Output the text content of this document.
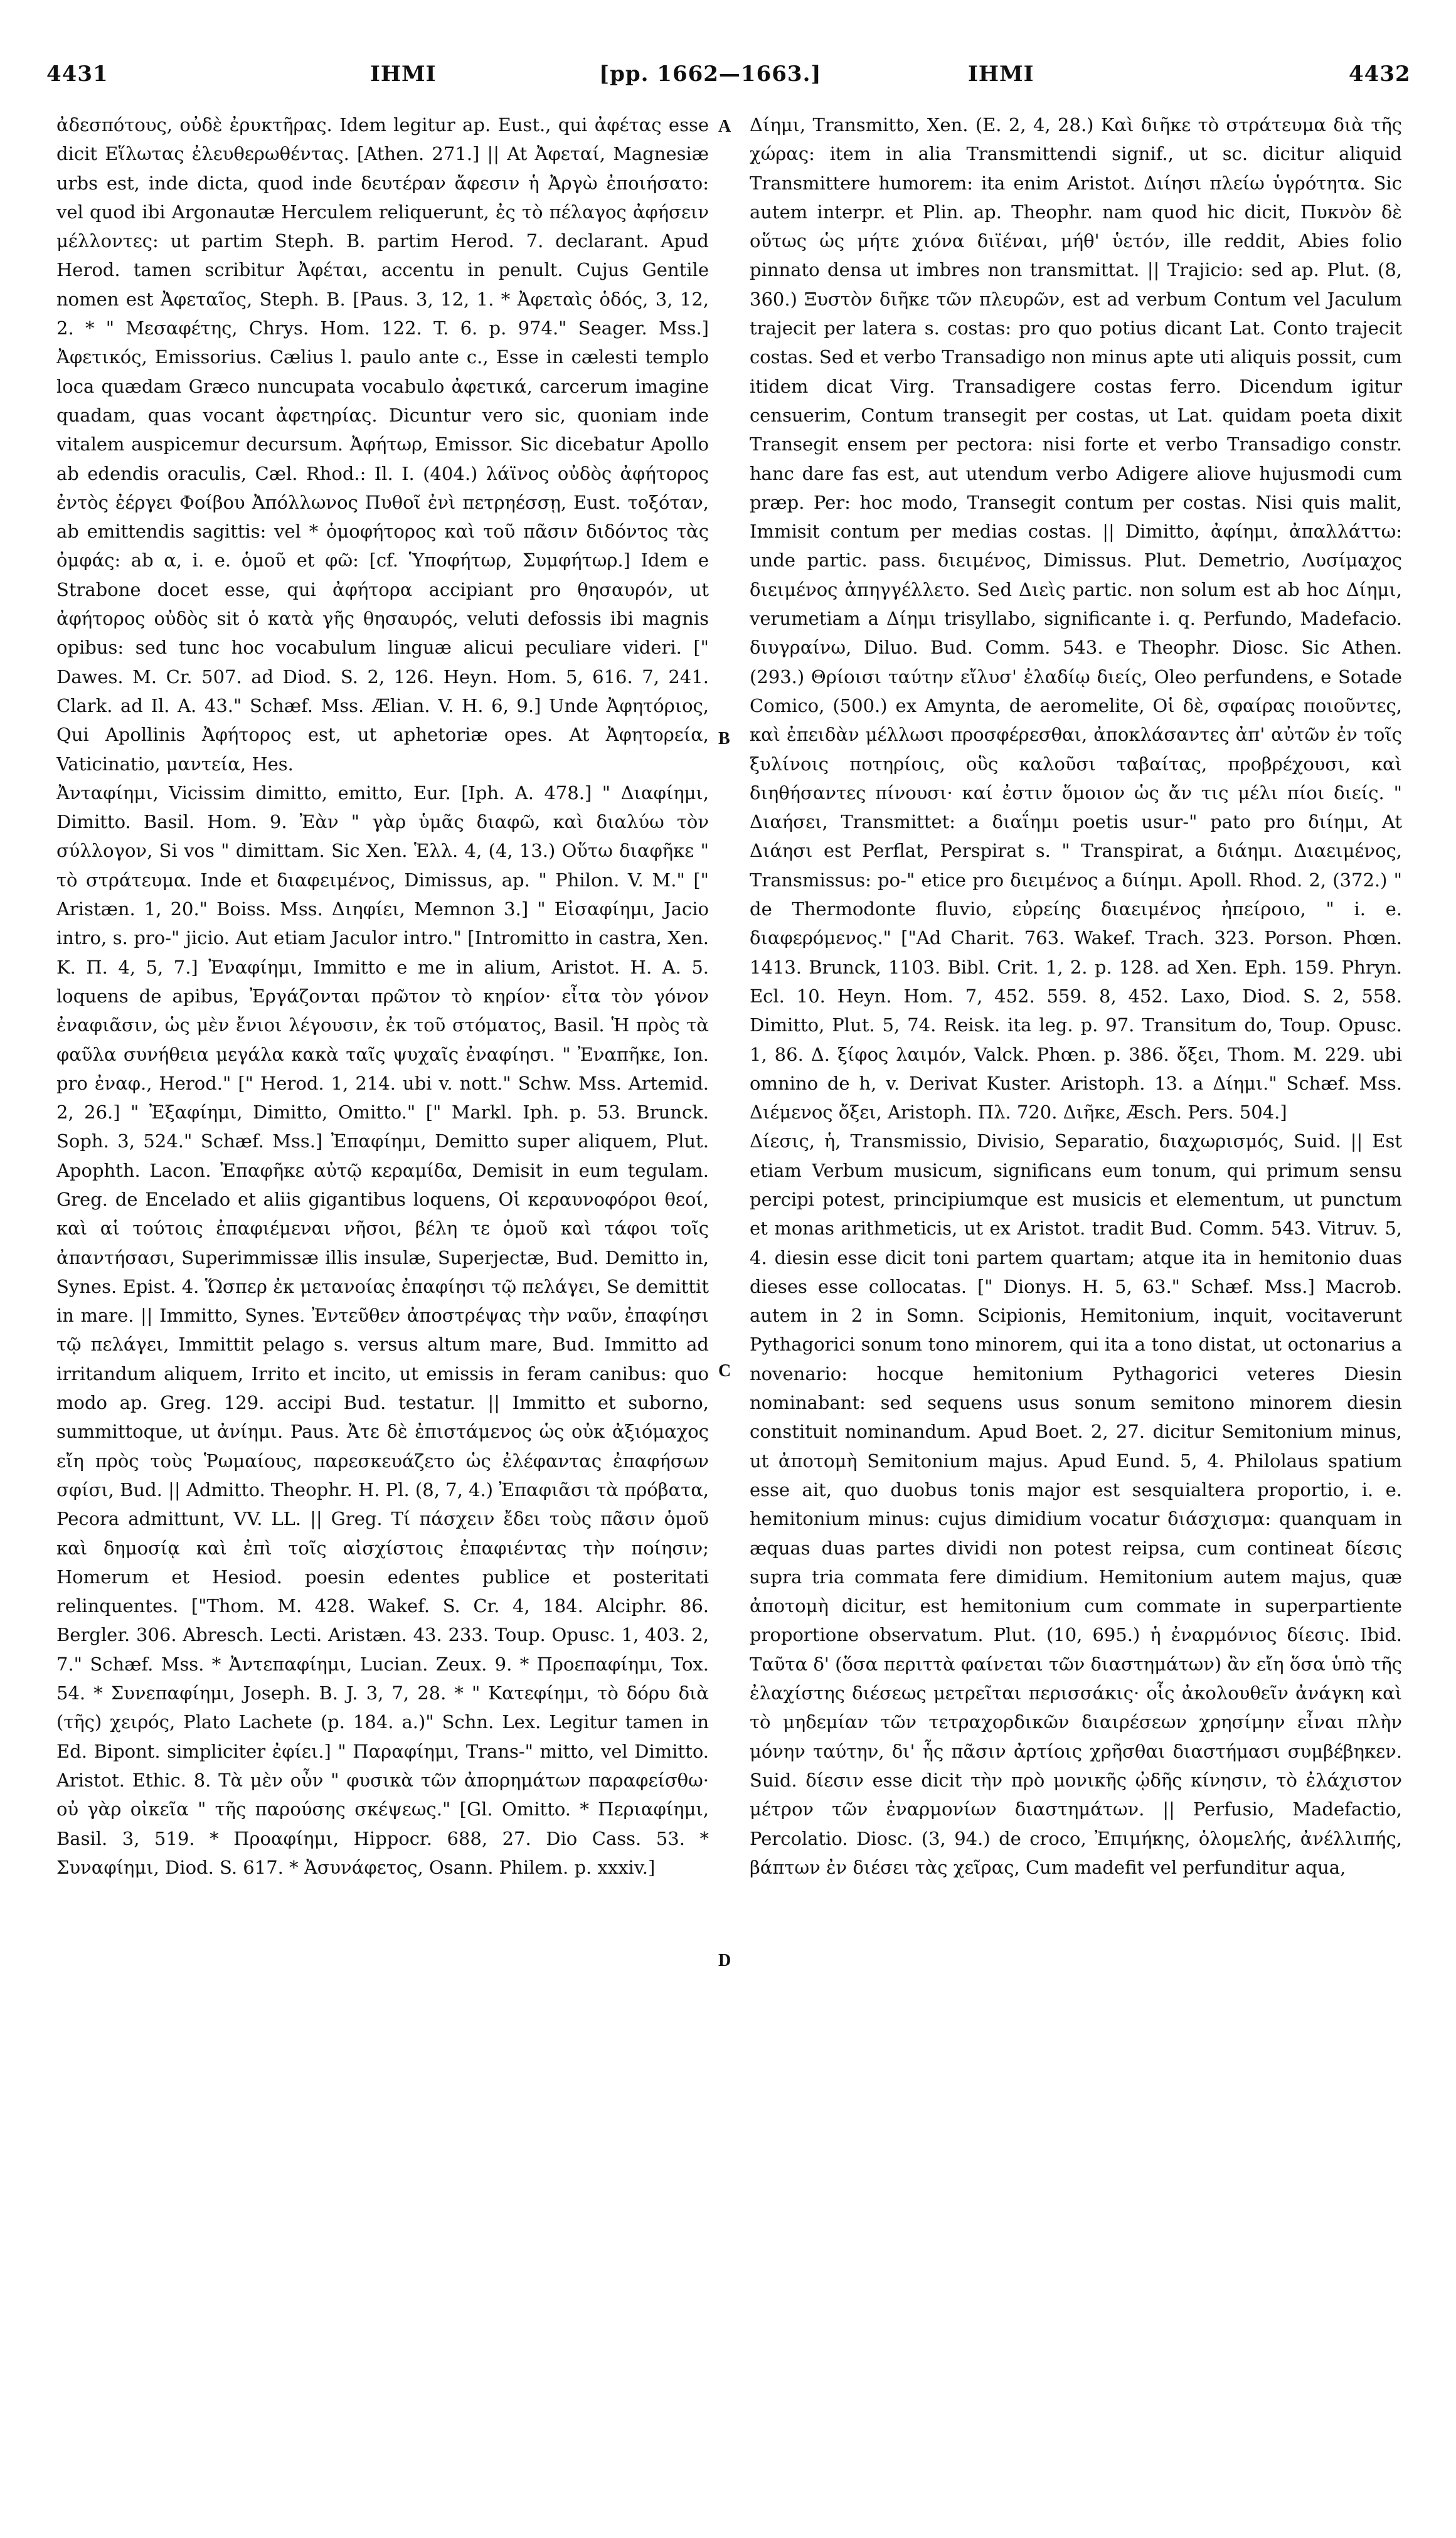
4431	ΙΗΜΙ	[pp. 1662—1663.]	ΙΗΜΙ	4432

ἀδεσπότους, οὐδὲ ἐρυκτῆρας. Idem legitur ap. Eust., qui ἀφέτας esse dicit Εἵλωτας ἐλευθερωθέντας. [Athen. 271.] || At Ἀφεταί, Magnesiæ urbs est, inde dicta, quod inde δευτέραν ἄφεσιν ἡ Ἀργὼ ἐποιήσατο: vel quod ibi Argonautæ Herculem reliquerunt, ἐς τὸ πέλαγος ἀφήσειν μέλλοντες: ut partim Steph. B. partim Herod. 7. declarant. Apud Herod. tamen scribitur Ἀφέται, accentu in penult. Cujus Gentile nomen est Ἀφεταῖος, Steph. B. [Paus. 3, 12, 1. * Ἀφεταὶς ὁδός, 3, 12, 2. * " Μεσαφέτης, Chrys. Hom. 122. T. 6. p. 974." Seager. Mss.] Ἀφετικός, Emissorius. Cælius l. paulo ante c., Esse in cælesti templo loca quædam Græco nuncupata vocabulo ἀφετικά, carcerum imagine quadam, quas vocant ἀφετηρίας. Dicuntur vero sic, quoniam inde vitalem auspicemur decursum. Ἀφήτωρ, Emissor. Sic dicebatur Apollo ab edendis oraculis, Cæl. Rhod.: Il. I. (404.) λάϊνος οὐδὸς ἀφήτορος ἐντὸς ἐέργει Φοίβου Ἀπόλλωνος Πυθοῖ ἐνὶ πετρηέσσῃ, Eust. τοξόταν, ab emittendis sagittis: vel * ὁμοφήτορος καὶ τοῦ πᾶσιν διδόντος τὰς ὀμφάς: ab α, i. e. ὁμοῦ et φῶ: [cf. Ὑποφήτωρ, Συμφήτωρ.] Idem e Strabone docet esse, qui ἀφήτορα accipiant pro θησαυρόν, ut ἀφήτορος οὐδὸς sit ὁ κατὰ γῆς θησαυρός, veluti defossis ibi magnis opibus: sed tunc hoc vocabulum linguæ alicui peculiare videri. [" Dawes. M. Cr. 507. ad Diod. S. 2, 126. Heyn. Hom. 5, 616. 7, 241. Clark. ad Il. A. 43." Schæf. Mss. Ælian. V. H. 6, 9.] Unde Ἀφητόριος, Qui Apollinis Ἀφήτορος est, ut aphetoriæ opes. At Ἀφητορεία, Vaticinatio, μαντεία, Hes.

Ἀνταφίημι, Vicissim dimitto, emitto, Eur. [Iph. A. 478.] " Διαφίημι, Dimitto. Basil. Hom. 9. Ἐὰν " γὰρ ὑμᾶς διαφῶ, καὶ διαλύω τὸν σύλλογον, Si vos " dimittam. Sic Xen. Ἑλλ. 4, (4, 13.) Οὕτω διαφῆκε " τὸ στράτευμα. Inde et διαφειμένος, Dimissus, ap. " Philon. V. M." [" Aristæn. 1, 20." Boiss. Mss. Διηφίει, Memnon 3.] " Εἰσαφίημι, Jacio intro, s. pro-" jicio. Aut etiam Jaculor intro." [Intromitto in castra, Xen. K. Π. 4, 5, 7.] Ἐναφίημι, Immitto e me in alium, Aristot. H. A. 5. loquens de apibus, Ἐργάζονται πρῶτον τὸ κηρίον· εἶτα τὸν γόνον ἐναφιᾶσιν, ὡς μὲν ἔνιοι λέγουσιν, ἐκ τοῦ στόματος, Basil. Ἡ πρὸς τὰ φαῦλα συνήθεια μεγάλα κακὰ ταῖς ψυχαῖς ἐναφίησι. " Ἐναπῆκε, Ion. pro ἐναφ., Herod." [" Herod. 1, 214. ubi v. nott." Schw. Mss. Artemid. 2, 26.] " Ἐξαφίημι, Dimitto, Omitto." [" Markl. Iph. p. 53. Brunck. Soph. 3, 524." Schæf. Mss.] Ἐπαφίημι, Demitto super aliquem, Plut. Apophth. Lacon. Ἐπαφῆκε αὐτῷ κεραμίδα, Demisit in eum tegulam. Greg. de Encelado et aliis gigantibus loquens, Οἱ κεραυνοφόροι θεοί, καὶ αἱ τούτοις ἐπαφιέμεναι νῆσοι, βέλη τε ὁμοῦ καὶ τάφοι τοῖς ἀπαντήσασι, Superimmissæ illis insulæ, Superjectæ, Bud. Demitto in, Synes. Epist. 4. Ὥσπερ ἐκ μετανοίας ἐπαφίησι τῷ πελάγει, Se demittit in mare. || Immitto, Synes. Ἐντεῦθεν ἀποστρέψας τὴν ναῦν, ἐπαφίησι τῷ πελάγει, Immittit pelago s. versus altum mare, Bud. Immitto ad irritandum aliquem, Irrito et incito, ut emissis in feram canibus: quo modo ap. Greg. 129. accipi Bud. testatur. || Immitto et suborno, summittoque, ut ἀνίημι. Paus. Ἀτε δὲ ἐπιστάμενος ὡς οὐκ ἀξιόμαχος εἴη πρὸς τοὺς Ῥωμαίους, παρεσκευάζετο ὡς ἐλέφαντας ἐπαφήσων σφίσι, Bud. || Admitto. Theophr. H. Pl. (8, 7, 4.) Ἐπαφιᾶσι τὰ πρόβατα, Pecora admittunt, VV. LL. || Greg. Τί πάσχειν ἔδει τοὺς πᾶσιν ὁμοῦ καὶ δημοσίᾳ καὶ ἐπὶ τοῖς αἰσχίστοις ἐπαφιέντας τὴν ποίησιν; Homerum et Hesiod. poesin edentes publice et posteritati relinquentes. ["Thom. M. 428. Wakef. S. Cr. 4, 184. Alciphr. 86. Bergler. 306. Abresch. Lecti. Aristæn. 43. 233. Toup. Opusc. 1, 403. 2, 7." Schæf. Mss. * Ἀντεπαφίημι, Lucian. Zeux. 9. * Προεπαφίημι, Tox. 54. * Συνεπαφίημι, Joseph. B. J. 3, 7, 28. * " Κατεφίημι, τὸ δόρυ διὰ (τῆς) χειρός, Plato Lachete (p. 184. a.)" Schn. Lex. Legitur tamen in Ed. Bipont. simpliciter ἐφίει.] " Παραφίημι, Trans-" mitto, vel Dimitto. Aristot. Ethic. 8. Τὰ μὲν οὖν " φυσικὰ τῶν ἀπορημάτων παραφείσθω· οὐ γὰρ οἰκεῖα " τῆς παρούσης σκέψεως." [Gl. Omitto. * Περιαφίημι, Basil. 3, 519. * Προαφίημι, Hippocr. 688, 27. Dio Cass. 53. * Συναφίημι, Diod. S. 617. * Ἀσυνάφετος, Osann. Philem. p. xxxiv.]

A
B
C
D

Δίημι, Transmitto, Xen. (E. 2, 4, 28.) Καὶ διῆκε τὸ στράτευμα διὰ τῆς χώρας: item in alia Transmittendi signif., ut sc. dicitur aliquid Transmittere humorem: ita enim Aristot. Διίησι πλείω ὑγρότητα. Sic autem interpr. et Plin. ap. Theophr. nam quod hic dicit, Πυκνὸν δὲ οὕτως ὡς μήτε χιόνα διϊέναι, μήθ' ὑετόν, ille reddit, Abies folio pinnato densa ut imbres non transmittat. || Trajicio: sed ap. Plut. (8, 360.) Ξυστὸν διῆκε τῶν πλευρῶν, est ad verbum Contum vel Jaculum trajecit per latera s. costas: pro quo potius dicant Lat. Conto trajecit costas. Sed et verbo Transadigo non minus apte uti aliquis possit, cum itidem dicat Virg. Transadigere costas ferro. Dicendum igitur censuerim, Contum transegit per costas, ut Lat. quidam poeta dixit Transegit ensem per pectora: nisi forte et verbo Transadigo constr. hanc dare fas est, aut utendum verbo Adigere aliove hujusmodi cum præp. Per: hoc modo, Transegit contum per costas. Nisi quis malit, Immisit contum per medias costas. || Dimitto, ἀφίημι, ἀπαλλάττω: unde partic. pass. διειμένος, Dimissus. Plut. Demetrio, Λυσίμαχος διειμένος ἀπηγγέλλετο. Sed Διεὶς partic. non solum est ab hoc Δίημι, verumetiam a Δίημι trisyllabo, significante i. q. Perfundo, Madefacio. διυγραίνω, Diluo. Bud. Comm. 543. e Theophr. Diosc. Sic Athen. (293.) Θρίοισι ταύτην εἴλυσ' ἐλαδίῳ διείς, Oleo perfundens, e Sotade Comico, (500.) ex Amynta, de aeromelite, Οἱ δὲ, σφαίρας ποιοῦντες, καὶ ἐπειδὰν μέλλωσι προσφέρεσθαι, ἀποκλάσαντες ἀπ' αὐτῶν ἐν τοῖς ξυλίνοις ποτηρίοις, οὓς καλοῦσι ταβαίτας, προβρέχουσι, καὶ διηθήσαντες πίνουσι· καί ἐστιν ὅμοιον ὡς ἄν τις μέλι πίοι διείς. " Διαήσει, Transmittet: a διαΐημι poetis usur-" pato pro διίημι, At Διάησι est Perflat, Perspirat s. " Transpirat, a διάημι. Διαειμένος, Transmissus: po-" etice pro διειμένος a διίημι. Apoll. Rhod. 2, (372.) " de Thermodonte fluvio, εὐρείης διαειμένος ἠπείροιο, " i. e. διαφερόμενος." ["Ad Charit. 763. Wakef. Trach. 323. Porson. Phœn. 1413. Brunck, 1103. Bibl. Crit. 1, 2. p. 128. ad Xen. Eph. 159. Phryn. Ecl. 10. Heyn. Hom. 7, 452. 559. 8, 452. Laxo, Diod. S. 2, 558. Dimitto, Plut. 5, 74. Reisk. ita leg. p. 97. Transitum do, Toup. Opusc. 1, 86. Δ. ξίφος λαιμόν, Valck. Phœn. p. 386. ὄξει, Thom. M. 229. ubi omnino de h, v. Derivat Kuster. Aristoph. 13. a Δίημι." Schæf. Mss. Διέμενος ὄξει, Aristoph. Πλ. 720. Διῆκε, Æsch. Pers. 504.]

Δίεσις, ἡ, Transmissio, Divisio, Separatio, διαχωρισμός, Suid. || Est etiam Verbum musicum, significans eum tonum, qui primum sensu percipi potest, principiumque est musicis et elementum, ut punctum et monas arithmeticis, ut ex Aristot. tradit Bud. Comm. 543. Vitruv. 5, 4. diesin esse dicit toni partem quartam; atque ita in hemitonio duas dieses esse collocatas. [" Dionys. H. 5, 63." Schæf. Mss.] Macrob. autem in 2 in Somn. Scipionis, Hemitonium, inquit, vocitaverunt Pythagorici sonum tono minorem, qui ita a tono distat, ut octonarius a novenario: hocque hemitonium Pythagorici veteres Diesin nominabant: sed sequens usus sonum semitono minorem diesin constituit nominandum. Apud Boet. 2, 27. dicitur Semitonium minus, ut ἀποτομὴ Semitonium majus. Apud Eund. 5, 4. Philolaus spatium esse ait, quo duobus tonis major est sesquialtera proportio, i. e. hemitonium minus: cujus dimidium vocatur διάσχισμα: quanquam in æquas duas partes dividi non potest reipsa, cum contineat δίεσις supra tria commata fere dimidium. Hemitonium autem majus, quæ ἀποτομὴ dicitur, est hemitonium cum commate in superpartiente proportione observatum. Plut. (10, 695.) ἡ ἐναρμόνιος δίεσις. Ibid. Ταῦτα δ' (ὅσα περιττὰ φαίνεται τῶν διαστημάτων) ἂν εἴη ὅσα ὑπὸ τῆς ἐλαχίστης διέσεως μετρεῖται περισσάκις· οἷς ἀκολουθεῖν ἀνάγκη καὶ τὸ μηδεμίαν τῶν τετραχορδικῶν διαιρέσεων χρησίμην εἶναι πλὴν μόνην ταύτην, δι' ἧς πᾶσιν ἀρτίοις χρῆσθαι διαστήμασι συμβέβηκεν. Suid. δίεσιν esse dicit τὴν πρὸ μονικῆς ᾠδῆς κίνησιν, τὸ ἐλάχιστον μέτρον τῶν ἐναρμονίων διαστημάτων. || Perfusio, Madefactio, Percolatio. Diosc. (3, 94.) de croco, Ἐπιμήκης, ὁλομελής, ἀνέλλιπής, βάπτων ἐν διέσει τὰς χεῖρας, Cum madefit vel perfunditur aqua,
